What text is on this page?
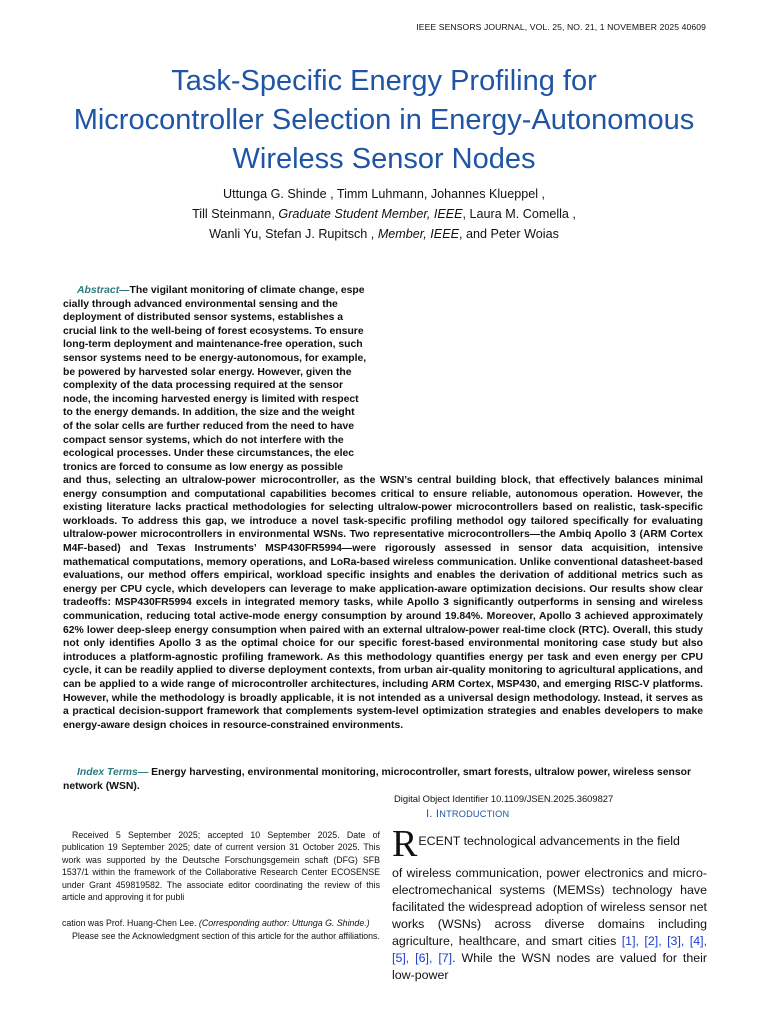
IEEE SENSORS JOURNAL, VOL. 25, NO. 21, 1 NOVEMBER 2025 40609
Task-Specific Energy Profiling for
Microcontroller Selection in Energy-Autonomous
Wireless Sensor Nodes
Uttunga G. Shinde , Timm Luhmann, Johannes Klueppel ,
Till Steinmann, Graduate Student Member, IEEE, Laura M. Comella ,
Wanli Yu, Stefan J. Rupitsch , Member, IEEE, and Peter Woias
Abstract—The vigilant monitoring of climate change, espe
cially through advanced environmental sensing and the
deployment of distributed sensor systems, establishes a
crucial link to the well-being of forest ecosystems. To ensure
long-term deployment and maintenance-free operation, such
sensor systems need to be energy-autonomous, for example,
be powered by harvested solar energy. However, given the
complexity of the data processing required at the sensor
node, the incoming harvested energy is limited with respect
to the energy demands. In addition, the size and the weight
of the solar cells are further reduced from the need to have
compact sensor systems, which do not interfere with the
ecological processes. Under these circumstances, the elec
tronics are forced to consume as low energy as possible
and thus, selecting an ultralow-power microcontroller, as the WSN’s central building block, that effectively balances minimal energy consumption and computational capabilities becomes critical to ensure reliable, autonomous operation. However, the existing literature lacks practical methodologies for selecting ultralow-power microcontrollers based on realistic, task-specific workloads. To address this gap, we introduce a novel task-specific profiling methodol ogy tailored specifically for evaluating ultralow-power microcontrollers in environmental WSNs. Two representative microcontrollers—the Ambiq Apollo 3 (ARM Cortex M4F-based) and Texas Instruments’ MSP430FR5994—were rigorously assessed in sensor data acquisition, intensive mathematical computations, memory operations, and LoRa-based wireless communication. Unlike conventional datasheet-based evaluations, our method offers empirical, workload specific insights and enables the derivation of additional metrics such as energy per CPU cycle, which developers can leverage to make application-aware optimization decisions. Our results show clear tradeoffs: MSP430FR5994 excels in integrated memory tasks, while Apollo 3 significantly outperforms in sensing and wireless communication, reducing total active-mode energy consumption by around 19.84%. Moreover, Apollo 3 achieved approximately 62% lower deep-sleep energy consumption when paired with an external ultralow-power real-time clock (RTC). Overall, this study not only identifies Apollo 3 as the optimal choice for our specific forest-based environmental monitoring case study but also introduces a platform-agnostic profiling framework. As this methodology quantifies energy per task and even energy per CPU cycle, it can be readily applied to diverse deployment contexts, from urban air-quality monitoring to agricultural applications, and can be applied to a wide range of microcontroller architectures, including ARM Cortex, MSP430, and emerging RISC-V platforms. However, while the methodology is broadly applicable, it is not intended as a universal design methodology. Instead, it serves as a practical decision-support framework that complements system-level optimization strategies and enables developers to make energy-aware design choices in resource-constrained environments.
Index Terms— Energy harvesting, environmental monitoring, microcontroller, smart forests, ultralow power, wireless sensor network (WSN).
Digital Object Identifier 10.1109/JSEN.2025.3609827
I. INTRODUCTION

Received 5 September 2025; accepted 10 September 2025. Date of publication 19 September 2025; date of current version 31 October 2025. This work was supported by the Deutsche Forschungsgemein schaft (DFG) SFB 1537/1 within the framework of the Collaborative Research Center ECOSENSE under Grant 459819582. The associate editor coordinating the review of this article and approving it for publi

cation was Prof. Huang-Chen Lee. (Corresponding author: Uttunga G. Shinde.)

Please see the Acknowledgment section of this article for the author affiliations.

R ECENT technological advancements in the field
of wireless communication, power electronics and micro-electromechanical systems (MEMSs) technology have facilitated the widespread adoption of wireless sensor net works (WSNs) across diverse domains including agriculture, healthcare, and smart cities [1], [2], [3], [4], [5], [6], [7]. While the WSN nodes are valued for their low-power
